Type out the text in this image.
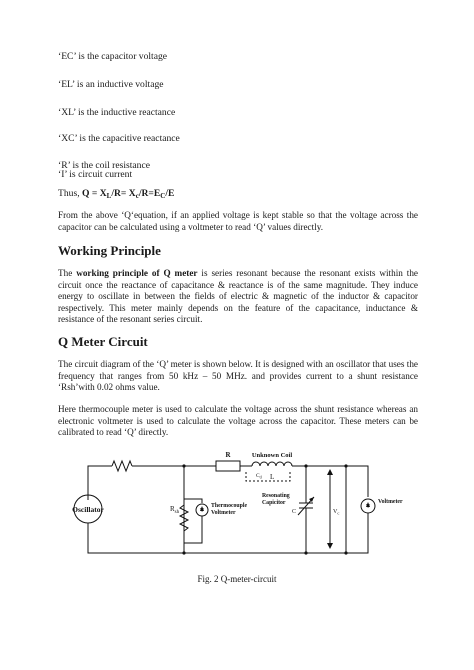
‘EC’ is the capacitor voltage
‘EL’ is an inductive voltage
‘XL’ is the inductive reactance
‘XC’ is the capacitive reactance
‘R’ is the coil resistance
‘I’ is circuit current
Thus, $Q = X_L/R= X_c/R=E_C/E$
From the above ‘Q‘equation, if an applied voltage is kept stable so that the voltage across the capacitor can be calculated using a voltmeter to read ‘Q’ values directly.
Working Principle
The working principle of Q meter is series resonant because the resonant exists within the circuit once the reactance of capacitance & reactance is of the same magnitude. They induce energy to oscillate in between the fields of electric & magnetic of the inductor & capacitor respectively. This meter mainly depends on the feature of the capacitance, inductance & resistance of the resonant series circuit.
Q Meter Circuit
The circuit diagram of the ‘Q’ meter is shown below. It is designed with an oscillator that uses the frequency that ranges from 50 kHz – 50 MHz. and provides current to a shunt resistance ‘Rsh’with 0.02 ohms value.
Here thermocouple meter is used to calculate the voltage across the shunt resistance whereas an electronic voltmeter is used to calculate the voltage across the capacitor. These meters can be calibrated to read ‘Q’ directly.
Oscillator
R	Unknown Coil
$C_d$ L
$R_{sh}$	V
Thermocouple
Voltmeter
Resonating
Capicitor
C	$V_c$
V
Voltmeter
Fig. 2 Q-meter-circuit
